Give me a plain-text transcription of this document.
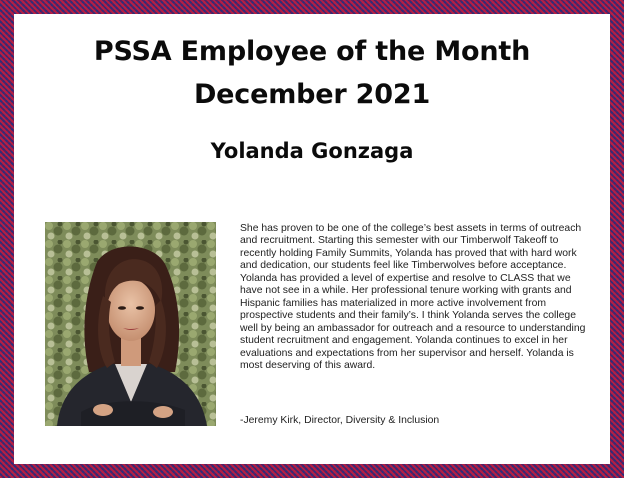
PSSA Employee of the Month
December 2021
Yolanda Gonzaga
She has proven to be one of the college’s best assets in terms of outreach and recruitment. Starting this semester with our Timberwolf Takeoff to recently holding Family Summits, Yolanda has proved that with hard work and dedication, our students feel like Timberwolves before acceptance. Yolanda has provided a level of expertise and resolve to CLASS that we have not see in a while. Her professional tenure working with grants and Hispanic families has materialized in more active involvement from prospective students and their family’s. I think Yolanda serves the college well by being an ambassador for outreach and a resource to understanding student recruitment and engagement. Yolanda continues to excel in her evaluations and expectations from her supervisor and herself. Yolanda is most deserving of this award.
-Jeremy Kirk, Director, Diversity & Inclusion
